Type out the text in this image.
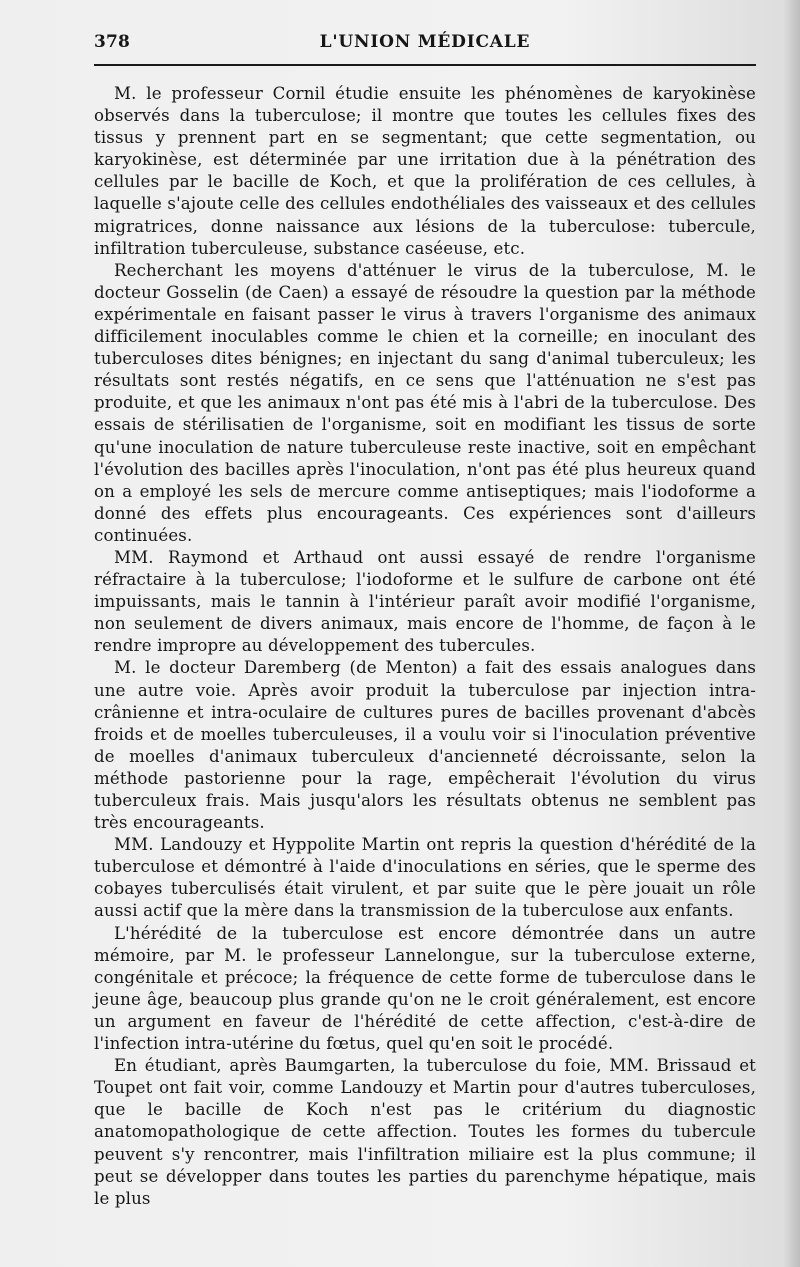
378	L'UNION MÉDICALE

M. le professeur Cornil étudie ensuite les phénomènes de karyokinèse observés dans la tuberculose; il montre que toutes les cellules fixes des tissus y prennent part en se segmentant; que cette segmentation, ou karyokinèse, est déterminée par une irritation due à la pénétration des cellules par le bacille de Koch, et que la prolifération de ces cellules, à laquelle s'ajoute celle des cellules endothéliales des vaisseaux et des cellules migratrices, donne naissance aux lésions de la tuberculose: tubercule, infiltration tuberculeuse, substance caséeuse, etc.

Recherchant les moyens d'atténuer le virus de la tuberculose, M. le docteur Gosselin (de Caen) a essayé de résoudre la question par la méthode expérimentale en faisant passer le virus à travers l'organisme des animaux difficilement inoculables comme le chien et la corneille; en inoculant des tuberculoses dites bénignes; en injectant du sang d'animal tuberculeux; les résultats sont restés négatifs, en ce sens que l'atténuation ne s'est pas produite, et que les animaux n'ont pas été mis à l'abri de la tuberculose. Des essais de stérilisatien de l'organisme, soit en modifiant les tissus de sorte qu'une inoculation de nature tuberculeuse reste inactive, soit en empêchant l'évolution des bacilles après l'inoculation, n'ont pas été plus heureux quand on a employé les sels de mercure comme antiseptiques; mais l'iodoforme a donné des effets plus encourageants. Ces expériences sont d'ailleurs continuées.

MM. Raymond et Arthaud ont aussi essayé de rendre l'organisme réfractaire à la tuberculose; l'iodoforme et le sulfure de carbone ont été impuissants, mais le tannin à l'intérieur paraît avoir modifié l'organisme, non seulement de divers animaux, mais encore de l'homme, de façon à le rendre impropre au développement des tubercules.

M. le docteur Daremberg (de Menton) a fait des essais analogues dans une autre voie. Après avoir produit la tuberculose par injection intra-crânienne et intra-oculaire de cultures pures de bacilles provenant d'abcès froids et de moelles tuberculeuses, il a voulu voir si l'inoculation préventive de moelles d'animaux tuberculeux d'ancienneté décroissante, selon la méthode pastorienne pour la rage, empêcherait l'évolution du virus tuberculeux frais. Mais jusqu'alors les résultats obtenus ne semblent pas très encourageants.

MM. Landouzy et Hyppolite Martin ont repris la question d'hérédité de la tuberculose et démontré à l'aide d'inoculations en séries, que le sperme des cobayes tuberculisés était virulent, et par suite que le père jouait un rôle aussi actif que la mère dans la transmission de la tuberculose aux enfants.

L'hérédité de la tuberculose est encore démontrée dans un autre mémoire, par M. le professeur Lannelongue, sur la tuberculose externe, congénitale et précoce; la fréquence de cette forme de tuberculose dans le jeune âge, beaucoup plus grande qu'on ne le croit généralement, est encore un argument en faveur de l'hérédité de cette affection, c'est-à-dire de l'infection intra-utérine du fœtus, quel qu'en soit le procédé.

En étudiant, après Baumgarten, la tuberculose du foie, MM. Brissaud et Toupet ont fait voir, comme Landouzy et Martin pour d'autres tuberculoses, que le bacille de Koch n'est pas le critérium du diagnostic anatomopathologique de cette affection. Toutes les formes du tubercule peuvent s'y rencontrer, mais l'infiltration miliaire est la plus commune; il peut se développer dans toutes les parties du parenchyme hépatique, mais le plus
